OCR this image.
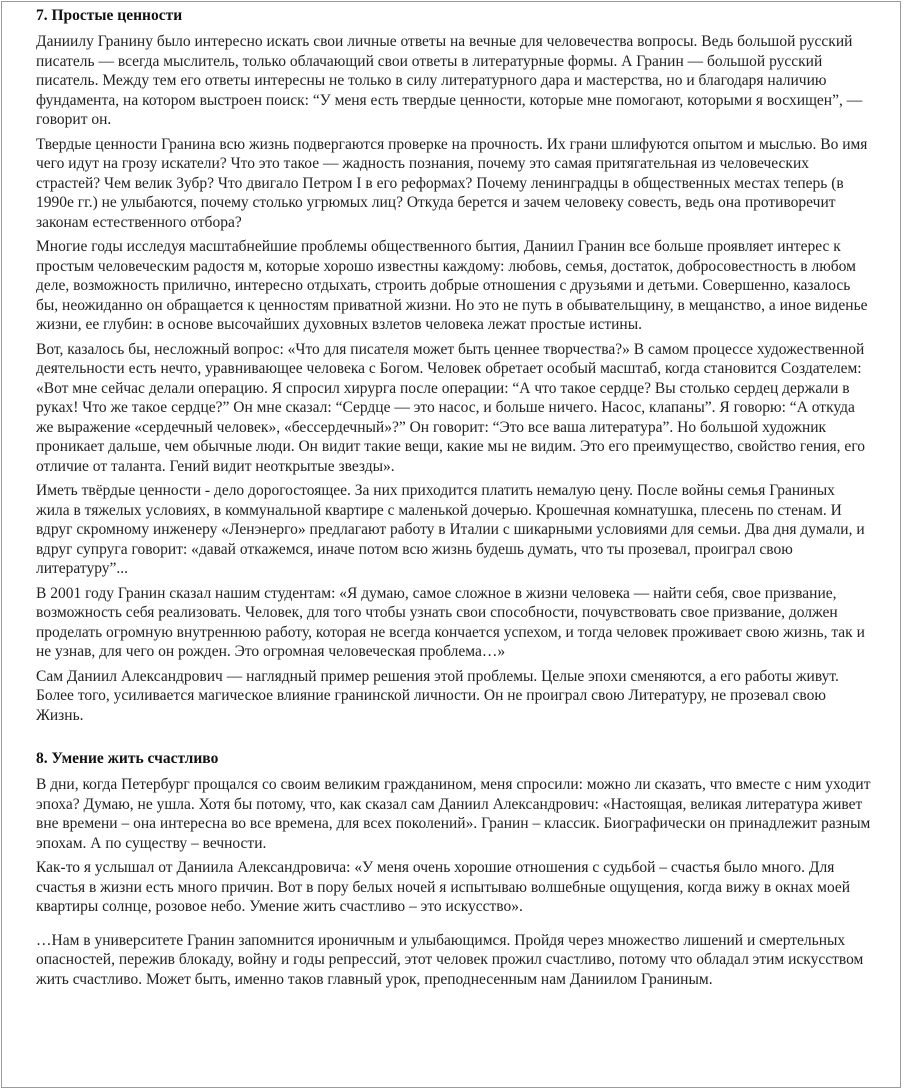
7. Простые ценности

Даниилу Гранину было интересно искать свои личные ответы на вечные для человечества вопросы. Ведь большой русский писатель — всегда мыслитель, только облачающий свои ответы в литературные формы. А Гранин — большой русский писатель. Между тем его ответы интересны не только в силу литературного дара и мастерства, но и благодаря наличию фундамента, на котором выстроен поиск: “У меня есть твердые ценности, которые мне помогают, которыми я восхищен”, — говорит он.

Твердые ценности Гранина всю жизнь подвергаются проверке на прочность. Их грани шлифуются опытом и мыслью. Во имя чего идут на грозу искатели? Что это такое — жадность познания, почему это самая притягательная из человеческих страстей? Чем велик Зубр? Что двигало Петром I в его реформах? Почему ленинградцы в общественных местах теперь (в 1990е гг.) не улыбаются, почему столько угрюмых лиц? Откуда берется и зачем человеку совесть, ведь она противоречит законам естественного отбора?

Многие годы исследуя масштабнейшие проблемы общественного бытия, Даниил Гранин все больше проявляет интерес к простым человеческим радостя м, которые хорошо известны каждому: любовь, семья, достаток, добросовестность в любом деле, возможность прилично, интересно отдыхать, строить добрые отношения с друзьями и детьми. Совершенно, казалось бы, неожиданно он обращается к ценностям приватной жизни. Но это не путь в обывательщину, в мещанство, а иное виденье жизни, ее глубин: в основе высочайших духовных взлетов человека лежат простые истины.

Вот, казалось бы, несложный вопрос: «Что для писателя может быть ценнее творчества?» В самом процессе художественной деятельности есть нечто, уравнивающее человека с Богом. Человек обретает особый масштаб, когда становится Создателем: «Вот мне сейчас делали операцию. Я спросил хирурга после операции: “А что такое сердце? Вы столько сердец держали в руках! Что же такое сердце?” Он мне сказал: “Сердце — это насос, и больше ничего. Насос, клапаны”. Я говорю: “А откуда же выражение «сердечный человек», «бессердечный»?” Он говорит: “Это все ваша литература”. Но большой художник проникает дальше, чем обычные люди. Он видит такие вещи, какие мы не видим. Это его преимущество, свойство гения, его отличие от таланта. Гений видит неоткрытые звезды».

Иметь твёрдые ценности - дело дорогостоящее. За них приходится платить немалую цену. После войны семья Граниных жила в тяжелых условиях, в коммунальной квартире с маленькой дочерью. Крошечная комнатушка, плесень по стенам. И вдруг скромному инженеру «Ленэнерго» предлагают работу в Италии с шикарными условиями для семьи. Два дня думали, и вдруг супруга говорит: «давай откажемся, иначе потом всю жизнь будешь думать, что ты прозевал, проиграл свою литературу”...

В 2001 году Гранин сказал нашим студентам: «Я думаю, самое сложное в жизни человека — найти себя, свое призвание, возможность себя реализовать. Человек, для того чтобы узнать свои способности, почувствовать свое призвание, должен проделать огромную внутреннюю работу, которая не всегда кончается успехом, и тогда человек проживает свою жизнь, так и не узнав, для чего он рожден. Это огромная человеческая проблема…»

Сам Даниил Александрович — наглядный пример решения этой проблемы. Целые эпохи сменяются, а его работы живут. Более того, усиливается магическое влияние гранинской личности. Он не проиграл свою Литературу, не прозевал свою Жизнь.

8. Умение жить счастливо

В дни, когда Петербург прощался со своим великим гражданином, меня спросили: можно ли сказать, что вместе с ним уходит эпоха? Думаю, не ушла. Хотя бы потому, что, как сказал сам Даниил Александрович: «Настоящая, великая литература живет вне времени – она интересна во все времена, для всех поколений». Гранин – классик. Биографически он принадлежит разным эпохам. А по существу – вечности.

Как-то я услышал от Даниила Александровича: «У меня очень хорошие отношения с судьбой – счастья было много. Для счастья в жизни есть много причин. Вот в пору белых ночей я испытываю волшебные ощущения, когда вижу в окнах моей квартиры солнце, розовое небо. Умение жить счастливо – это искусство».

…Нам в университете Гранин запомнится ироничным и улыбающимся. Пройдя через множество лишений и смертельных опасностей, пережив блокаду, войну и годы репрессий, этот человек прожил счастливо, потому что обладал этим искусством жить счастливо. Может быть, именно таков главный урок, преподнесенным нам Даниилом Граниным.
